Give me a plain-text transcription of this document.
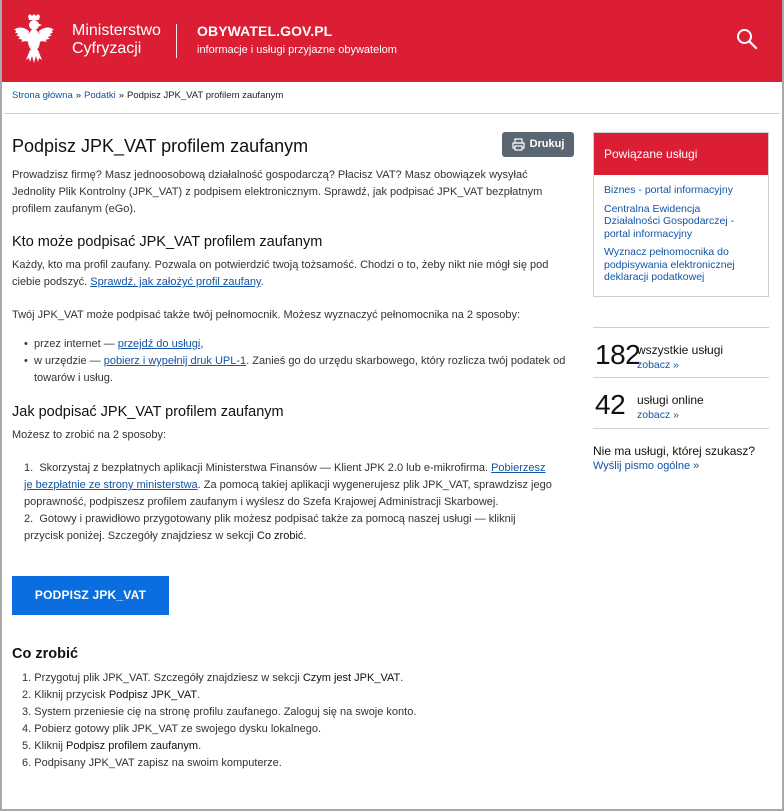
Ministerstwo
Cyfryzacji
OBYWATEL.GOV.PL
informacje i usługi przyjazne obywatelom
Strona główna » Podatki » Podpisz JPK_VAT profilem zaufanym
Podpisz JPK_VAT profilem zaufanym	Drukuj

Prowadzisz firmę? Masz jednoosobową działalność gospodarczą? Płacisz VAT? Masz obowiązek wysyłać Jednolity Plik Kontrolny (JPK_VAT) z podpisem elektronicznym. Sprawdź, jak podpisać JPK_VAT bezpłatnym profilem zaufanym (eGo).

Kto może podpisać JPK_VAT profilem zaufanym

Każdy, kto ma profil zaufany. Pozwala on potwierdzić twoją tożsamość. Chodzi o to, żeby nikt nie mógł się pod ciebie podszyć. Sprawdź, jak założyć profil zaufany.

Twój JPK_VAT może podpisać także twój pełnomocnik. Możesz wyznaczyć pełnomocnika na 2 sposoby:

• przez internet — przejdź do usługi,
• w urzędzie — pobierz i wypełnij druk UPL-1. Zanieś go do urzędu skarbowego, który rozlicza twój podatek od towarów i usług.
Jak podpisać JPK_VAT profilem zaufanym

Możesz to zrobić na 2 sposoby:

1. Skorzystaj z bezpłatnych aplikacji Ministerstwa Finansów — Klient JPK 2.0 lub e-mikrofirma. Pobierzesz je bezpłatnie ze strony ministerstwa. Za pomocą takiej aplikacji wygenerujesz plik JPK_VAT, sprawdzisz jego poprawność, podpiszesz profilem zaufanym i wyślesz do Szefa Krajowej Administracji Skarbowej.
2. Gotowy i prawidłowo przygotowany plik możesz podpisać także za pomocą naszej usługi — kliknij przycisk poniżej. Szczegóły znajdziesz w sekcji Co zrobić.
PODPISZ JPK_VAT
Co zrobić
1. Przygotuj plik JPK_VAT. Szczegóły znajdziesz w sekcji Czym jest JPK_VAT.
2. Kliknij przycisk Podpisz JPK_VAT.
3. System przeniesie cię na stronę profilu zaufanego. Zaloguj się na swoje konto.
4. Pobierz gotowy plik JPK_VAT ze swojego dysku lokalnego.
5. Kliknij Podpisz profilem zaufanym.
6. Podpisany JPK_VAT zapisz na swoim komputerze.
Powiązane usługi
Biznes - portal informacyjny
Centralna Ewidencja Działalności Gospodarczej - portal informacyjny
Wyznacz pełnomocnika do podpisywania elektronicznej deklaracji podatkowej
182
wszystkie usługi
zobacz »
42 usługi online
zobacz »
Nie ma usługi, której szukasz?
Wyślij pismo ogólne »
